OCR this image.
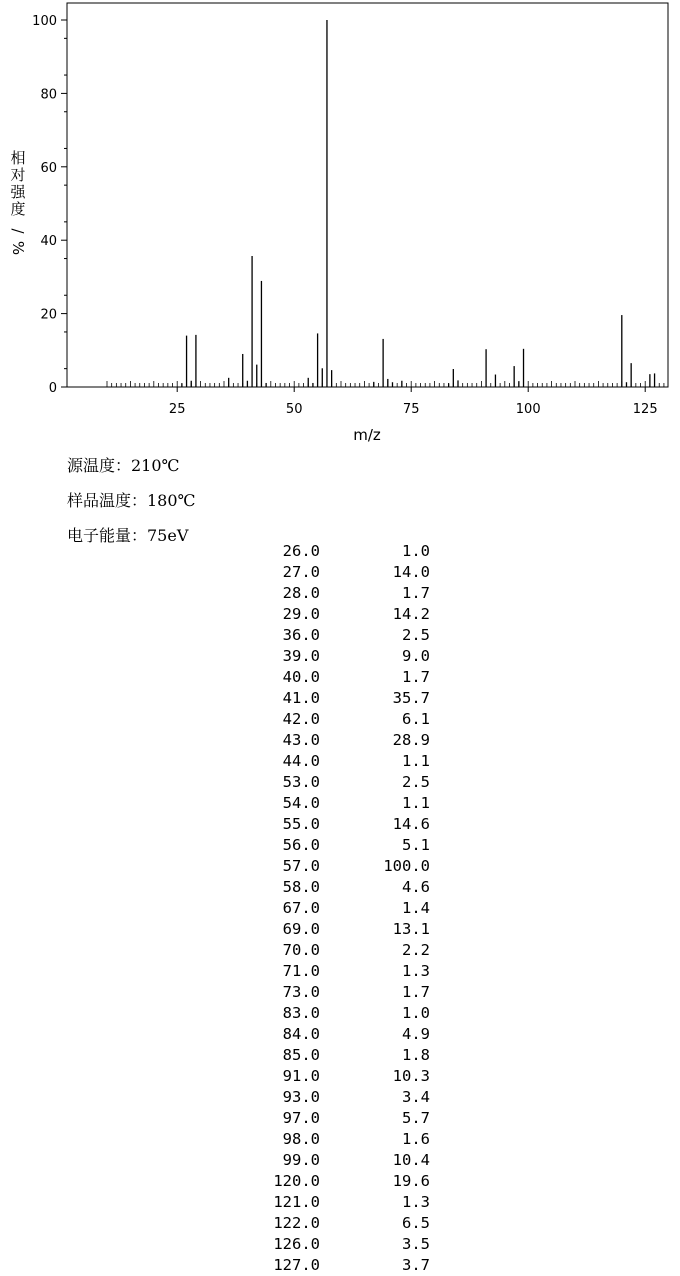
0
20
40
60
80
100
25	50	75	100	125
m/z
相
对
强
度
/
%
源温度：210℃
样品温度：180℃
电子能量：75eV
26.0	1.0
27.0	14.0
28.0	1.7
29.0	14.2
36.0	2.5
39.0	9.0
40.0	1.7
41.0	35.7
42.0	6.1
43.0	28.9
44.0	1.1
53.0	2.5
54.0	1.1
55.0	14.6
56.0	5.1
57.0	100.0
58.0	4.6
67.0	1.4
69.0	13.1
70.0	2.2
71.0	1.3
73.0	1.7
83.0	1.0
84.0	4.9
85.0	1.8
91.0	10.3
93.0	3.4
97.0	5.7
98.0	1.6
99.0	10.4
120.0	19.6
121.0	1.3
122.0	6.5
126.0	3.5
127.0	3.7
